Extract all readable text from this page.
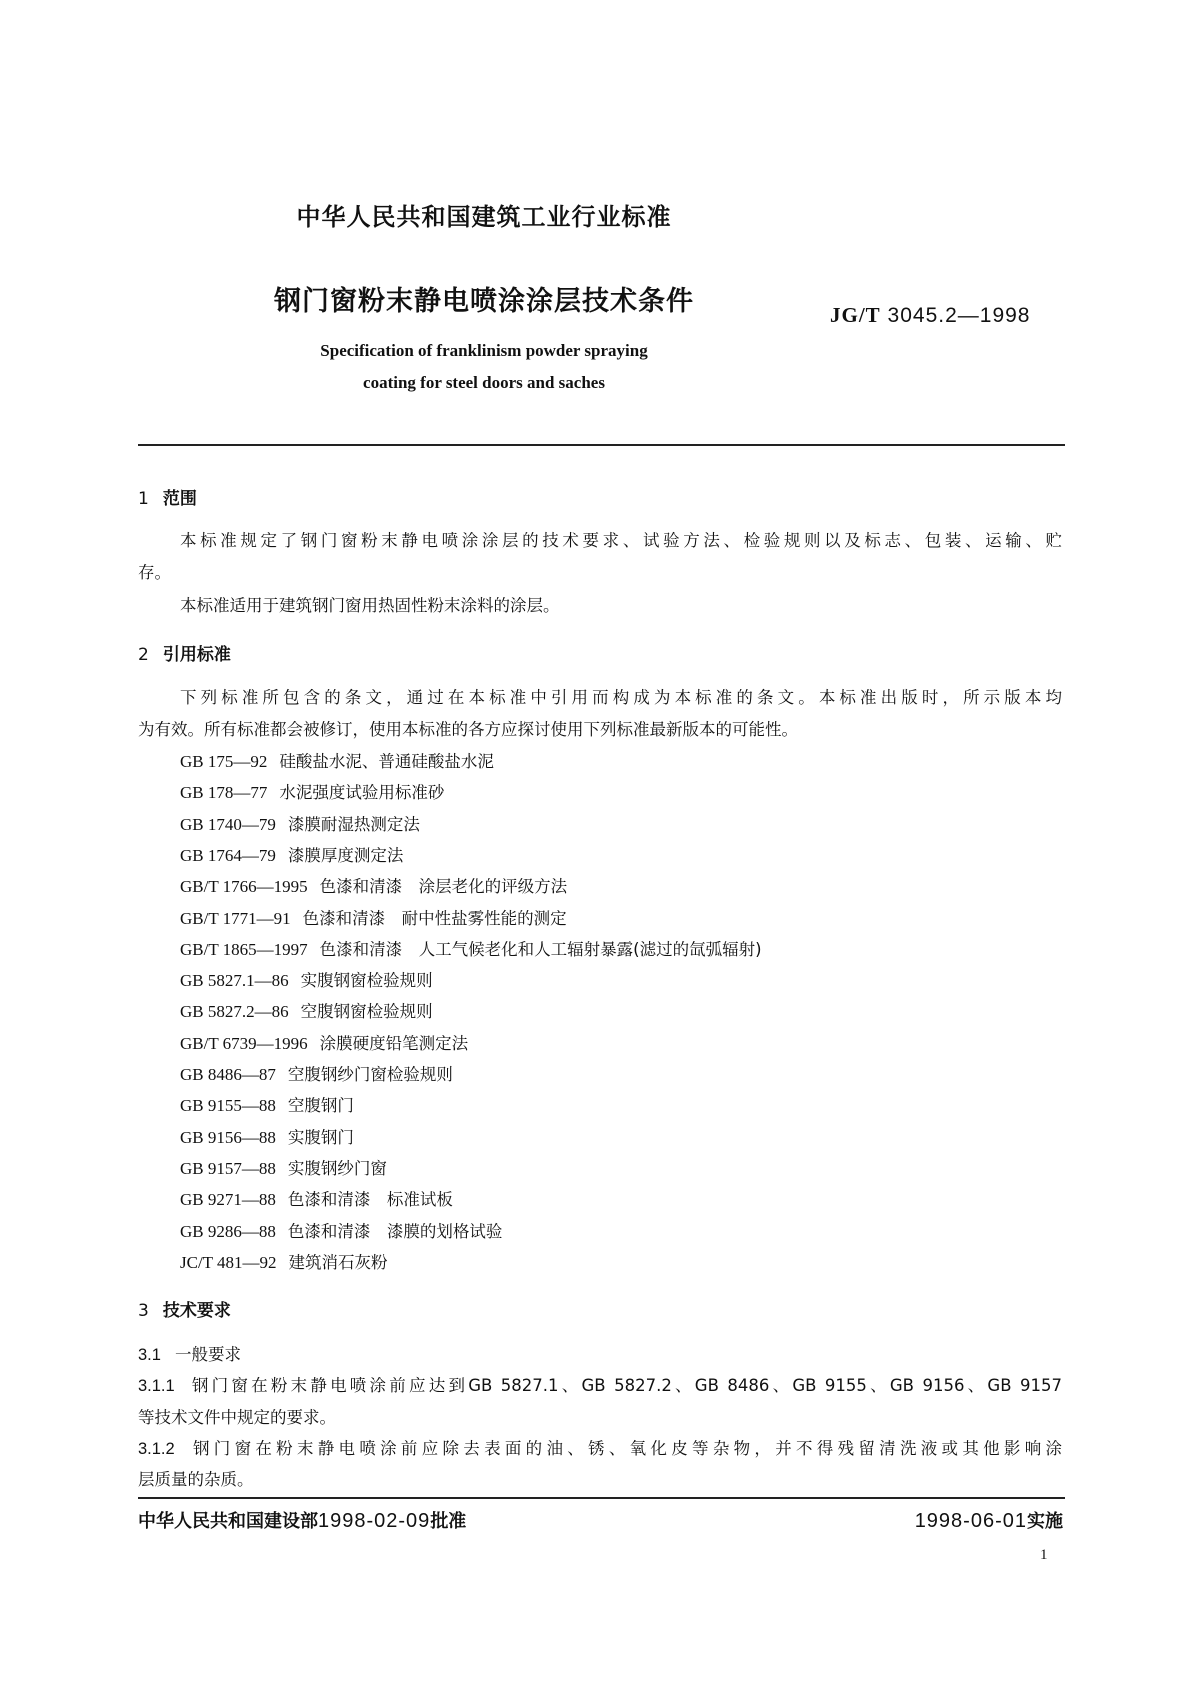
中华人民共和国建筑工业行业标准
钢门窗粉末静电喷涂涂层技术条件	JG/T 3045.2—1998
Specification of franklinism powder spraying
coating for steel doors and saches
1 范围
本标准规定了钢门窗粉末静电喷涂涂层的技术要求、试验方法、检验规则以及标志、包装、运输、贮
存。
本标准适用于建筑钢门窗用热固性粉末涂料的涂层。
2 引用标准
下列标准所包含的条文，通过在本标准中引用而构成为本标准的条文。本标准出版时，所示版本均
为有效。所有标准都会被修订，使用本标准的各方应探讨使用下列标准最新版本的可能性。
GB 175—92 硅酸盐水泥、普通硅酸盐水泥
GB 178—77 水泥强度试验用标准砂
GB 1740—79 漆膜耐湿热测定法
GB 1764—79 漆膜厚度测定法
GB/T 1766—1995 色漆和清漆　涂层老化的评级方法
GB/T 1771—91 色漆和清漆　耐中性盐雾性能的测定
GB/T 1865—1997 色漆和清漆　人工气候老化和人工辐射暴露(滤过的氙弧辐射)
GB 5827.1—86 实腹钢窗检验规则
GB 5827.2—86 空腹钢窗检验规则
GB/T 6739—1996 涂膜硬度铅笔测定法
GB 8486—87 空腹钢纱门窗检验规则
GB 9155—88 空腹钢门
GB 9156—88 实腹钢门
GB 9157—88 实腹钢纱门窗
GB 9271—88 色漆和清漆　标准试板
GB 9286—88 色漆和清漆　漆膜的划格试验
JC/T 481—92 建筑消石灰粉
3 技术要求
3.1 一般要求
3.1.1 钢门窗在粉末静电喷涂前应达到GB 5827.1、GB 5827.2、GB 8486、GB 9155、GB 9156、GB 9157
等技术文件中规定的要求。
3.1.2 钢门窗在粉末静电喷涂前应除去表面的油、锈、氧化皮等杂物，并不得残留清洗液或其他影响涂
层质量的杂质。
中华人民共和国建设部1998-02-09批准	1998-06-01实施
1
